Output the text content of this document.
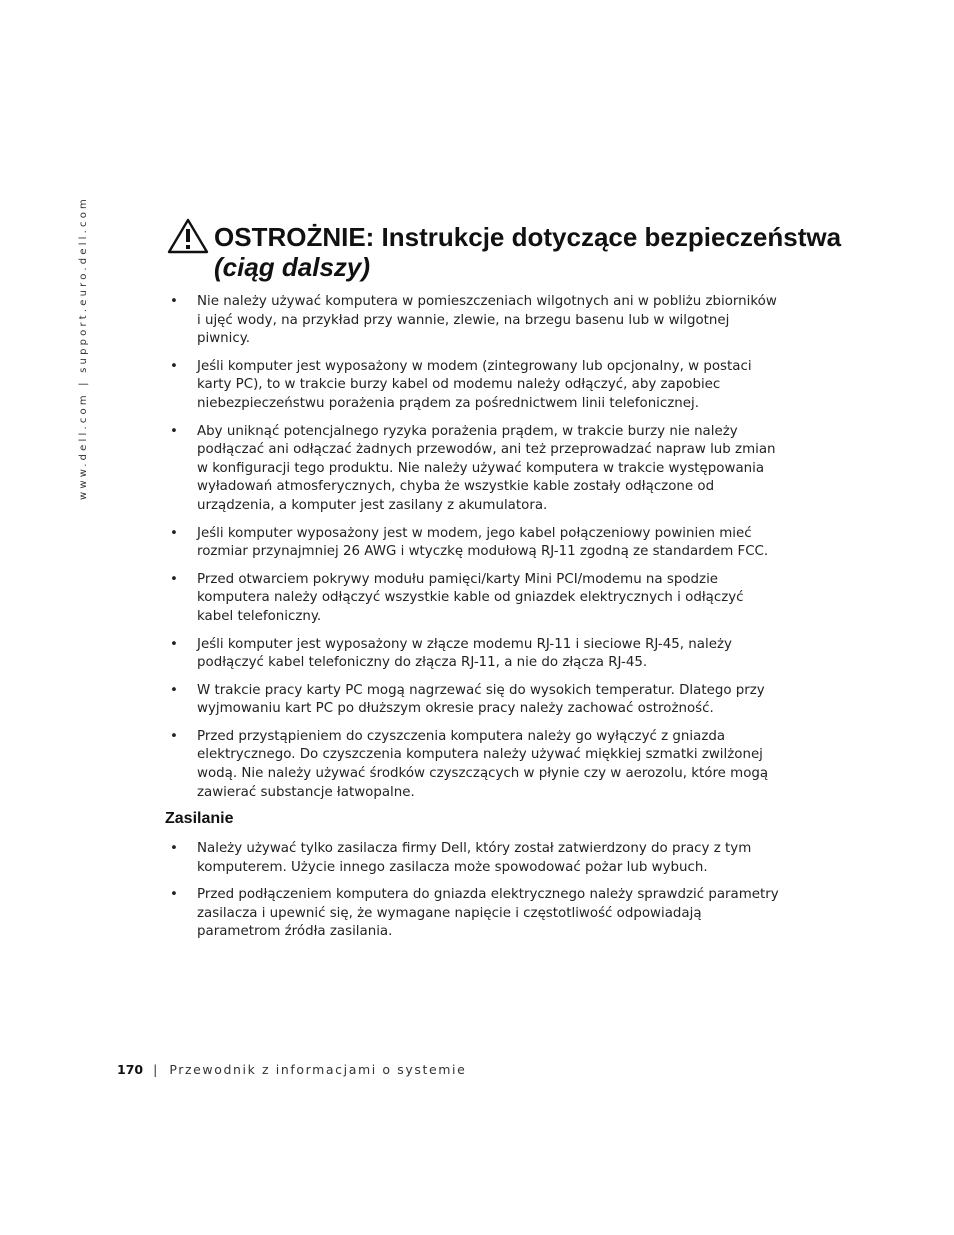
www.dell.com | support.euro.dell.com	OSTROŻNIE: Instrukcje dotyczące bezpieczeństwa (ciąg dalszy)
• Nie należy używać komputera w pomieszczeniach wilgotnych ani w pobliżu zbiorników i ujęć wody, na przykład przy wannie, zlewie, na brzegu basenu lub w wilgotnej piwnicy.
• Jeśli komputer jest wyposażony w modem (zintegrowany lub opcjonalny, w postaci karty PC), to w trakcie burzy kabel od modemu należy odłączyć, aby zapobiec niebezpieczeństwu porażenia prądem za pośrednictwem linii telefonicznej.
• Aby uniknąć potencjalnego ryzyka porażenia prądem, w trakcie burzy nie należy podłączać ani odłączać żadnych przewodów, ani też przeprowadzać napraw lub zmian w konfiguracji tego produktu. Nie należy używać komputera w trakcie występowania wyładowań atmosferycznych, chyba że wszystkie kable zostały odłączone od urządzenia, a komputer jest zasilany z akumulatora.
• Jeśli komputer wyposażony jest w modem, jego kabel połączeniowy powinien mieć rozmiar przynajmniej 26 AWG i wtyczkę modułową RJ-11 zgodną ze standardem FCC.
• Przed otwarciem pokrywy modułu pamięci/karty Mini PCI/modemu na spodzie komputera należy odłączyć wszystkie kable od gniazdek elektrycznych i odłączyć kabel telefoniczny.
• Jeśli komputer jest wyposażony w złącze modemu RJ-11 i sieciowe RJ-45, należy podłączyć kabel telefoniczny do złącza RJ-11, a nie do złącza RJ-45.
• W trakcie pracy karty PC mogą nagrzewać się do wysokich temperatur. Dlatego przy wyjmowaniu kart PC po dłuższym okresie pracy należy zachować ostrożność.
• Przed przystąpieniem do czyszczenia komputera należy go wyłączyć z gniazda elektrycznego. Do czyszczenia komputera należy używać miękkiej szmatki zwilżonej wodą. Nie należy używać środków czyszczących w płynie czy w aerozolu, które mogą zawierać substancje łatwopalne.
Zasilanie
• Należy używać tylko zasilacza firmy Dell, który został zatwierdzony do pracy z tym komputerem. Użycie innego zasilacza może spowodować pożar lub wybuch.
• Przed podłączeniem komputera do gniazda elektrycznego należy sprawdzić parametry zasilacza i upewnić się, że wymagane napięcie i częstotliwość odpowiadają parametrom źródła zasilania.
170 | Przewodnik z informacjami o systemie
